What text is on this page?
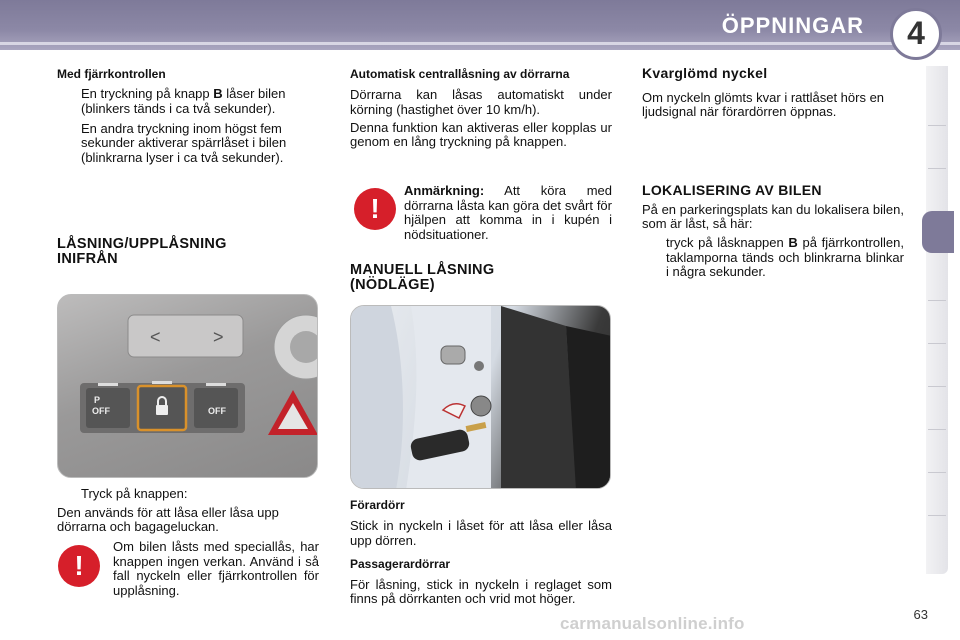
ÖPPNINGAR	4
Med fjärrkontrollen
En tryckning på knapp B låser bilen (blinkers tänds i ca två sekunder).
En andra tryckning inom högst fem sekunder aktiverar spärrlåset i bilen (blinkrarna lyser i ca två sekunder).
LÅSNING/UPPLÅSNING
INIFRÅN
<	>
P
OFF	OFF
Tryck på knappen:
Den används för att låsa eller låsa upp dörrarna och bagageluckan.
!
Om bilen låsts med speciallås, har knappen ingen verkan. Använd i så fall nyckeln eller fjärrkontrollen för upplåsning.
Automatisk centrallåsning av dörrarna
Dörrarna kan låsas automatiskt under körning (hastighet över 10 km/h).
Denna funktion kan aktiveras eller kopplas ur genom en lång tryckning på knappen.
!
Anmärkning: Att köra med dörrarna låsta kan göra det svårt för hjälpen att komma in i kupén i nödsituationer.
MANUELL LÅSNING
(NÖDLÄGE)
Förardörr
Stick in nyckeln i låset för att låsa eller låsa upp dörren.
Passagerardörrar
För låsning, stick in nyckeln i reglaget som finns på dörrkanten och vrid mot höger.
Kvarglömd nyckel
Om nyckeln glömts kvar i rattlåset hörs en ljudsignal när förardörren öppnas.
LOKALISERING AV BILEN
På en parkeringsplats kan du lokalisera bilen, som är låst, så här:
tryck på låsknappen B på fjärrkontrollen, taklamporna tänds och blinkrarna blinkar i några sekunder.
63
carmanualsonline.info
